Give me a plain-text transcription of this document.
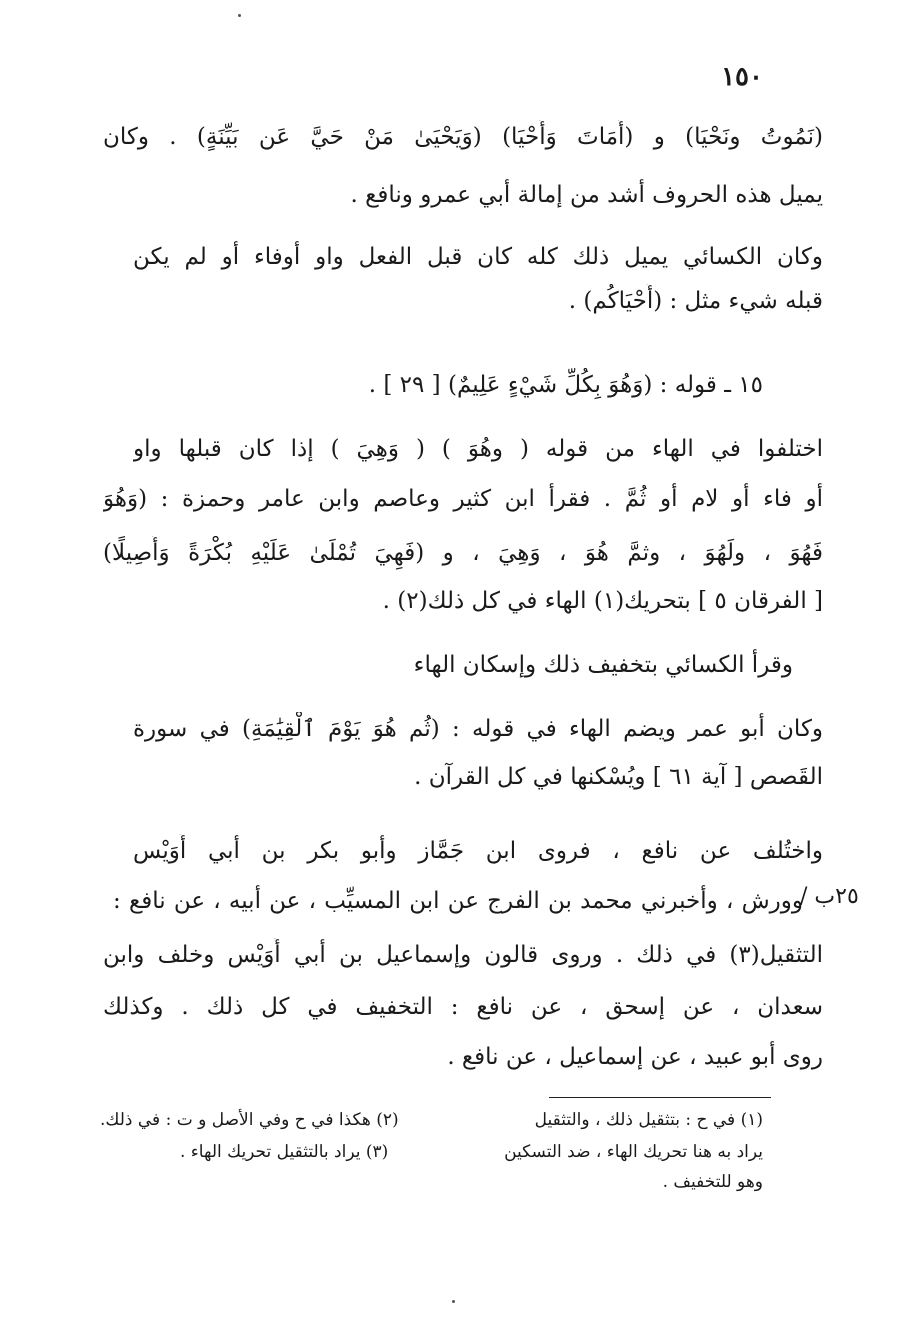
١٥٠
(نَمُوتُ ونَحْيَا) و (أَمَاتَ وَأَحْيَا) (وَيَحْيَىٰ مَنْ حَيَّ عَن بَيِّنَةٍ) . وكان
يميل هذه الحروف أشد من إمالة أبي عمرو ونافع .
وكان الكسائي يميل ذلك كله كان قبل الفعل واو أوفاء أو لم يكن
قبله شيء مثل : (أَحْيَاكُم) .
١٥ ـ قوله : (وَهُوَ بِكُلِّ شَيْءٍ عَلِيمٌ) [ ٢٩ ] .
اختلفوا في الهاء من قوله ( وهُوَ ) ( وَهِيَ ) إذا كان قبلها واو
أو فاء أو لام أو ثُمَّ . فقرأ ابن كثير وعاصم وابن عامر وحمزة : (وَهُوَ
فَهُوَ ، ولَهُوَ ، وثمَّ هُوَ ، وَهِيَ ، و (فَهِيَ تُمْلَىٰ عَلَيْهِ بُكْرَةً وَأَصِيلًا)
[ الفرقان ٥ ] بتحريك(١) الهاء في كل ذلك(٢) .
وقرأ الكسائي بتخفيف ذلك وإسكان الهاء
وكان أبو عمر ويضم الهاء في قوله : (ثُم هُوَ يَوْمَ ٱلْقِيَٰمَةِ) في سورة
القَصص [ آية ٦١ ] ويُسْكنها في كل القرآن .
واختُلف عن نافع ، فروى ابن جَمَّاز وأبو بكر بن أبي أُوَيْس
٢٥ب /
وورش ، وأخبرني محمد بن الفرج عن ابن المسيِّب ، عن أبيه ، عن نافع :
التثقيل(٣) في ذلك . وروى قالون وإسماعيل بن أبي أُوَيْس وخلف وابن
سعدان ، عن إسحق ، عن نافع : التخفيف في كل ذلك . وكذلك
روى أبو عبيد ، عن إسماعيل ، عن نافع .
(١) في ح : بتثقيل ذلك ، والتثقيل
يراد به هنا تحريك الهاء ، ضد التسكين
وهو للتخفيف .
(٢) هكذا في ح وفي الأصل و ت : في ذلك.
(٣) يراد بالتثقيل تحريك الهاء .
